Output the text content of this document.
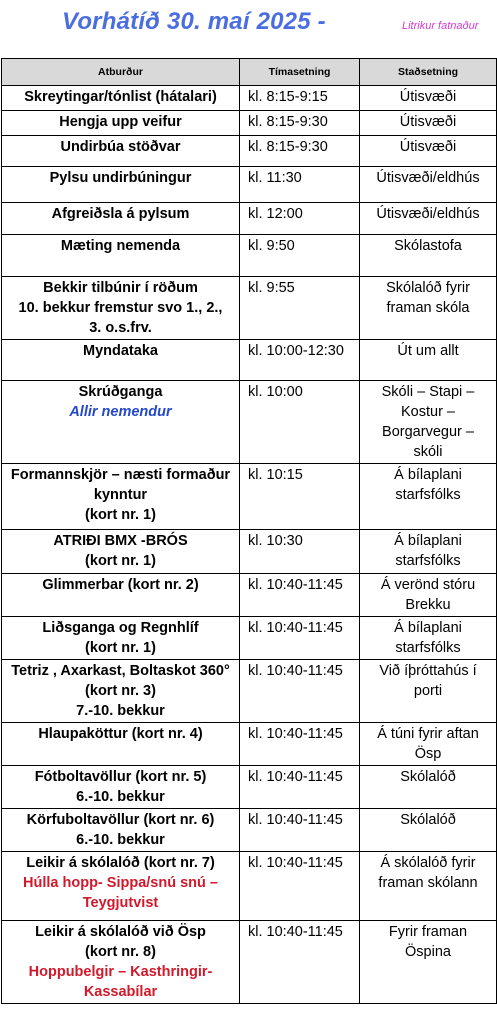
Vorhátíð 30. maí 2025 -	Litrikur fatnaður
Atburður	Tímasetning	Staðsetning

Skreytingar/tónlist (hátalari)	kl. 8:15-9:15	Útisvæði

Hengja upp veifur	kl. 8:15-9:30	Útisvæði

Undirbúa stöðvar	kl. 8:15-9:30	Útisvæði

Pylsu undirbúningur	kl. 11:30	Útisvæði/eldhús

Afgreiðsla á pylsum	kl. 12:00	Útisvæði/eldhús

Mæting nemenda	kl. 9:50	Skólastofa

Bekkir tilbúnir í röðum
10. bekkur fremstur svo 1., 2.,
3. o.s.frv.	kl. 9:55	Skólalóð fyrir
framan skóla

Myndataka	kl. 10:00-12:30	Út um allt

Skrúðganga
Allir nemendur	kl. 10:00	Skóli – Stapi –
Kostur –
Borgarvegur –
skóli

Formannskjör – næsti formaður
kynntur
(kort nr. 1)	kl. 10:15	Á bílaplani
starfsfólks

ATRIÐI BMX -BRÓS
(kort nr. 1)	kl. 10:30	Á bílaplani
starfsfólks

Glimmerbar (kort nr. 2)	kl. 10:40-11:45	Á verönd stóru
Brekku

Liðsganga og Regnhlíf
(kort nr. 1)	kl. 10:40-11:45	Á bílaplani
starfsfólks

Tetriz , Axarkast, Boltaskot 360°
(kort nr. 3)
7.-10. bekkur	kl. 10:40-11:45	Við íþróttahús í
porti

Hlaupaköttur (kort nr. 4)	kl. 10:40-11:45	Á túni fyrir aftan
Ösp

Fótboltavöllur (kort nr. 5)
6.-10. bekkur	kl. 10:40-11:45	Skólalóð

Körfuboltavöllur (kort nr. 6)
6.-10. bekkur	kl. 10:40-11:45	Skólalóð

Leikir á skólalóð (kort nr. 7)
Húlla hopp- Sippa/snú snú –
Teygjutvist	kl. 10:40-11:45	Á skólalóð fyrir
framan skólann

Leikir á skólalóð við Ösp
(kort nr. 8)
Hoppubelgir – Kasthringir-
Kassabílar	kl. 10:40-11:45	Fyrir framan
Öspina
